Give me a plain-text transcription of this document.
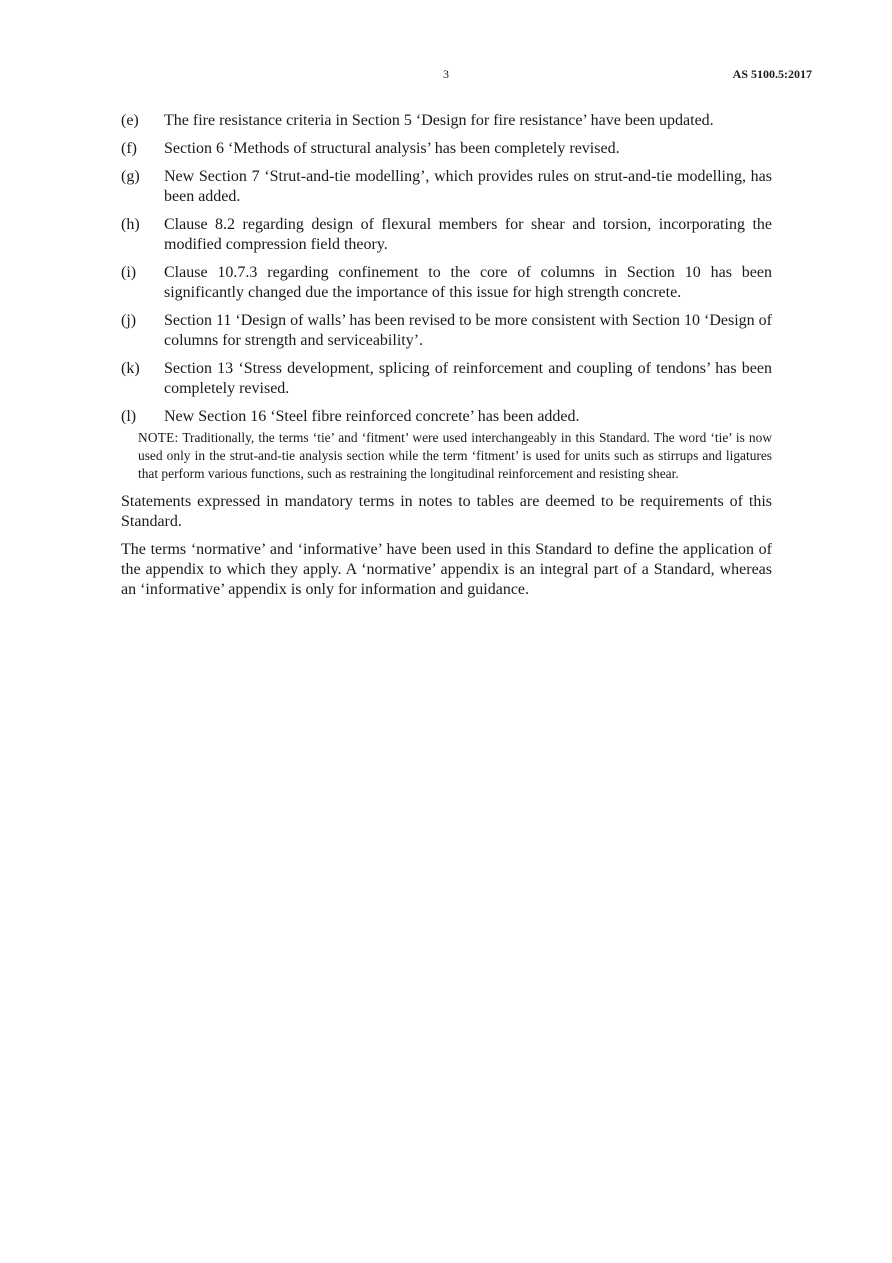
3	AS 5100.5:2017
(e)	The fire resistance criteria in Section 5 ‘Design for fire resistance’ have been updated.
(f)	Section 6 ‘Methods of structural analysis’ has been completely revised.
(g)	New Section 7 ‘Strut-and-tie modelling’, which provides rules on strut-and-tie modelling, has been added.
(h)	Clause 8.2 regarding design of flexural members for shear and torsion, incorporating the modified compression field theory.
(i)	Clause 10.7.3 regarding confinement to the core of columns in Section 10 has been significantly changed due the importance of this issue for high strength concrete.
(j)	Section 11 ‘Design of walls’ has been revised to be more consistent with Section 10 ‘Design of columns for strength and serviceability’.
(k)	Section 13 ‘Stress development, splicing of reinforcement and coupling of tendons’ has been completely revised.
(l)	New Section 16 ‘Steel fibre reinforced concrete’ has been added.
NOTE: Traditionally, the terms ‘tie’ and ‘fitment’ were used interchangeably in this Standard. The word ‘tie’ is now used only in the strut-and-tie analysis section while the term ‘fitment’ is used for units such as stirrups and ligatures that perform various functions, such as restraining the longitudinal reinforcement and resisting shear.

Statements expressed in mandatory terms in notes to tables are deemed to be requirements of this Standard.

The terms ‘normative’ and ‘informative’ have been used in this Standard to define the application of the appendix to which they apply. A ‘normative’ appendix is an integral part of a Standard, whereas an ‘informative’ appendix is only for information and guidance.
